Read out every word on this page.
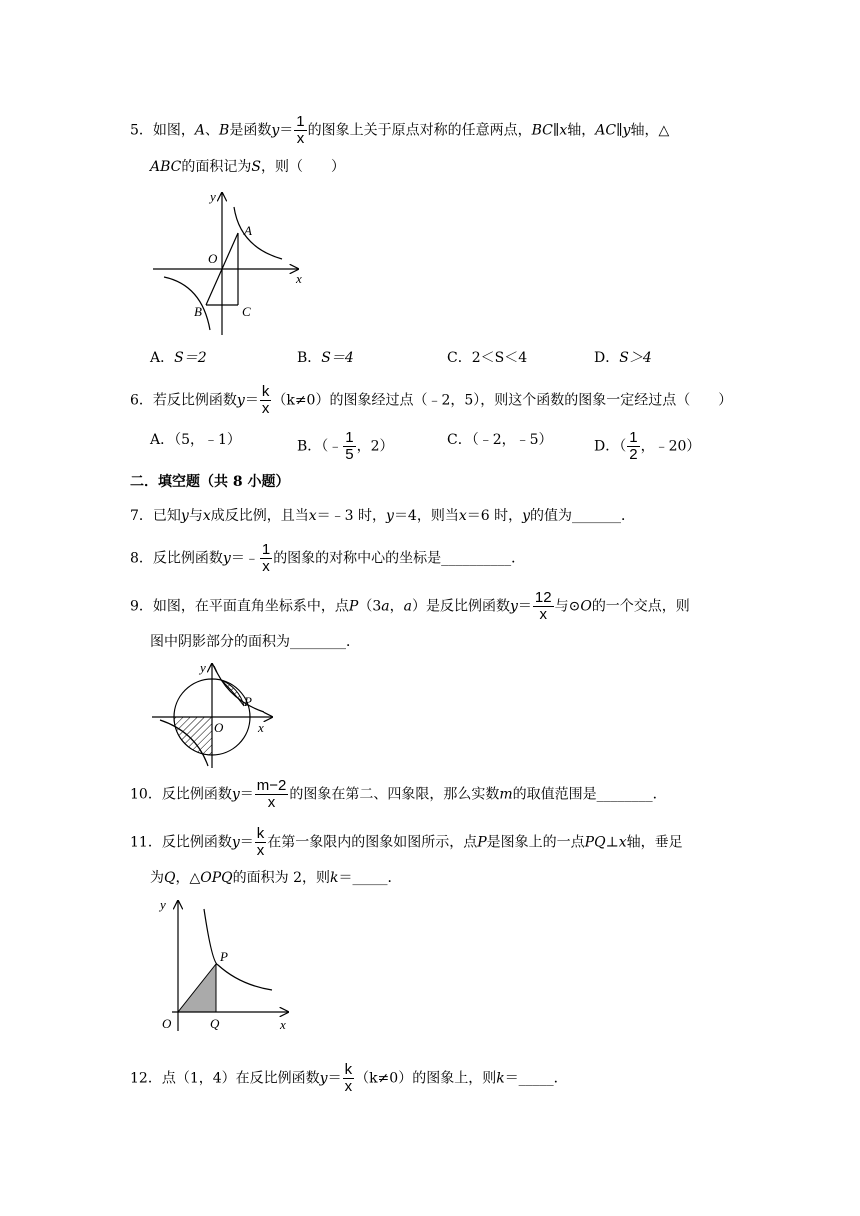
5．如图，A、B是函数$y= \frac{1}{x}$ 的图象上关于原点对称的任意两点，BC∥x轴，AC∥y轴，△
ABC的面积记为S，则（　　）
y
x
O
A
B	C
A．S＝2	B．S＝4	C．2＜S＜4	D．S＞4
6．若反比例函数$y= \frac{k}{x} (k\ne 0)$的图象经过点（﹣2，5），则这个函数的图象一定经过点（　　）
A．（5，﹣1）	B．（﹣ $\frac{1}{5}$ ，2）	C．（﹣2，﹣5）	D．（ $\frac{1}{2}$ ，﹣20）
二．填空题（共 8 小题）
7．已知y与x成反比例，且当x＝﹣3 时，y＝4，则当x＝6 时，y的值为_______．
8．反比例函数y＝﹣ $\frac{1}{x}$ 的图象的对称中心的坐标是__________．
9．如图，在平面直角坐标系中，点P（3a，a）是反比例函数$y= \frac{12}{x}$ 与⊙O的一个交点，则
图中阴影部分的面积为________．
y
x
O
P
10．反比例函数$y= \frac{m-2}{x}$ 的图象在第二、四象限，那么实数m的取值范围是________．
11．反比例函数$y= \frac{k}{x}$ 在第一象限内的图象如图所示，点P是图象上的一点PQ⊥x轴，垂足
为Q，△OPQ的面积为 2，则k＝_____．
y
x
O
P
Q
12．点（1，4）在反比例函数$y= \frac{k}{x} (k\ne 0)$的图象上，则k＝_____．
